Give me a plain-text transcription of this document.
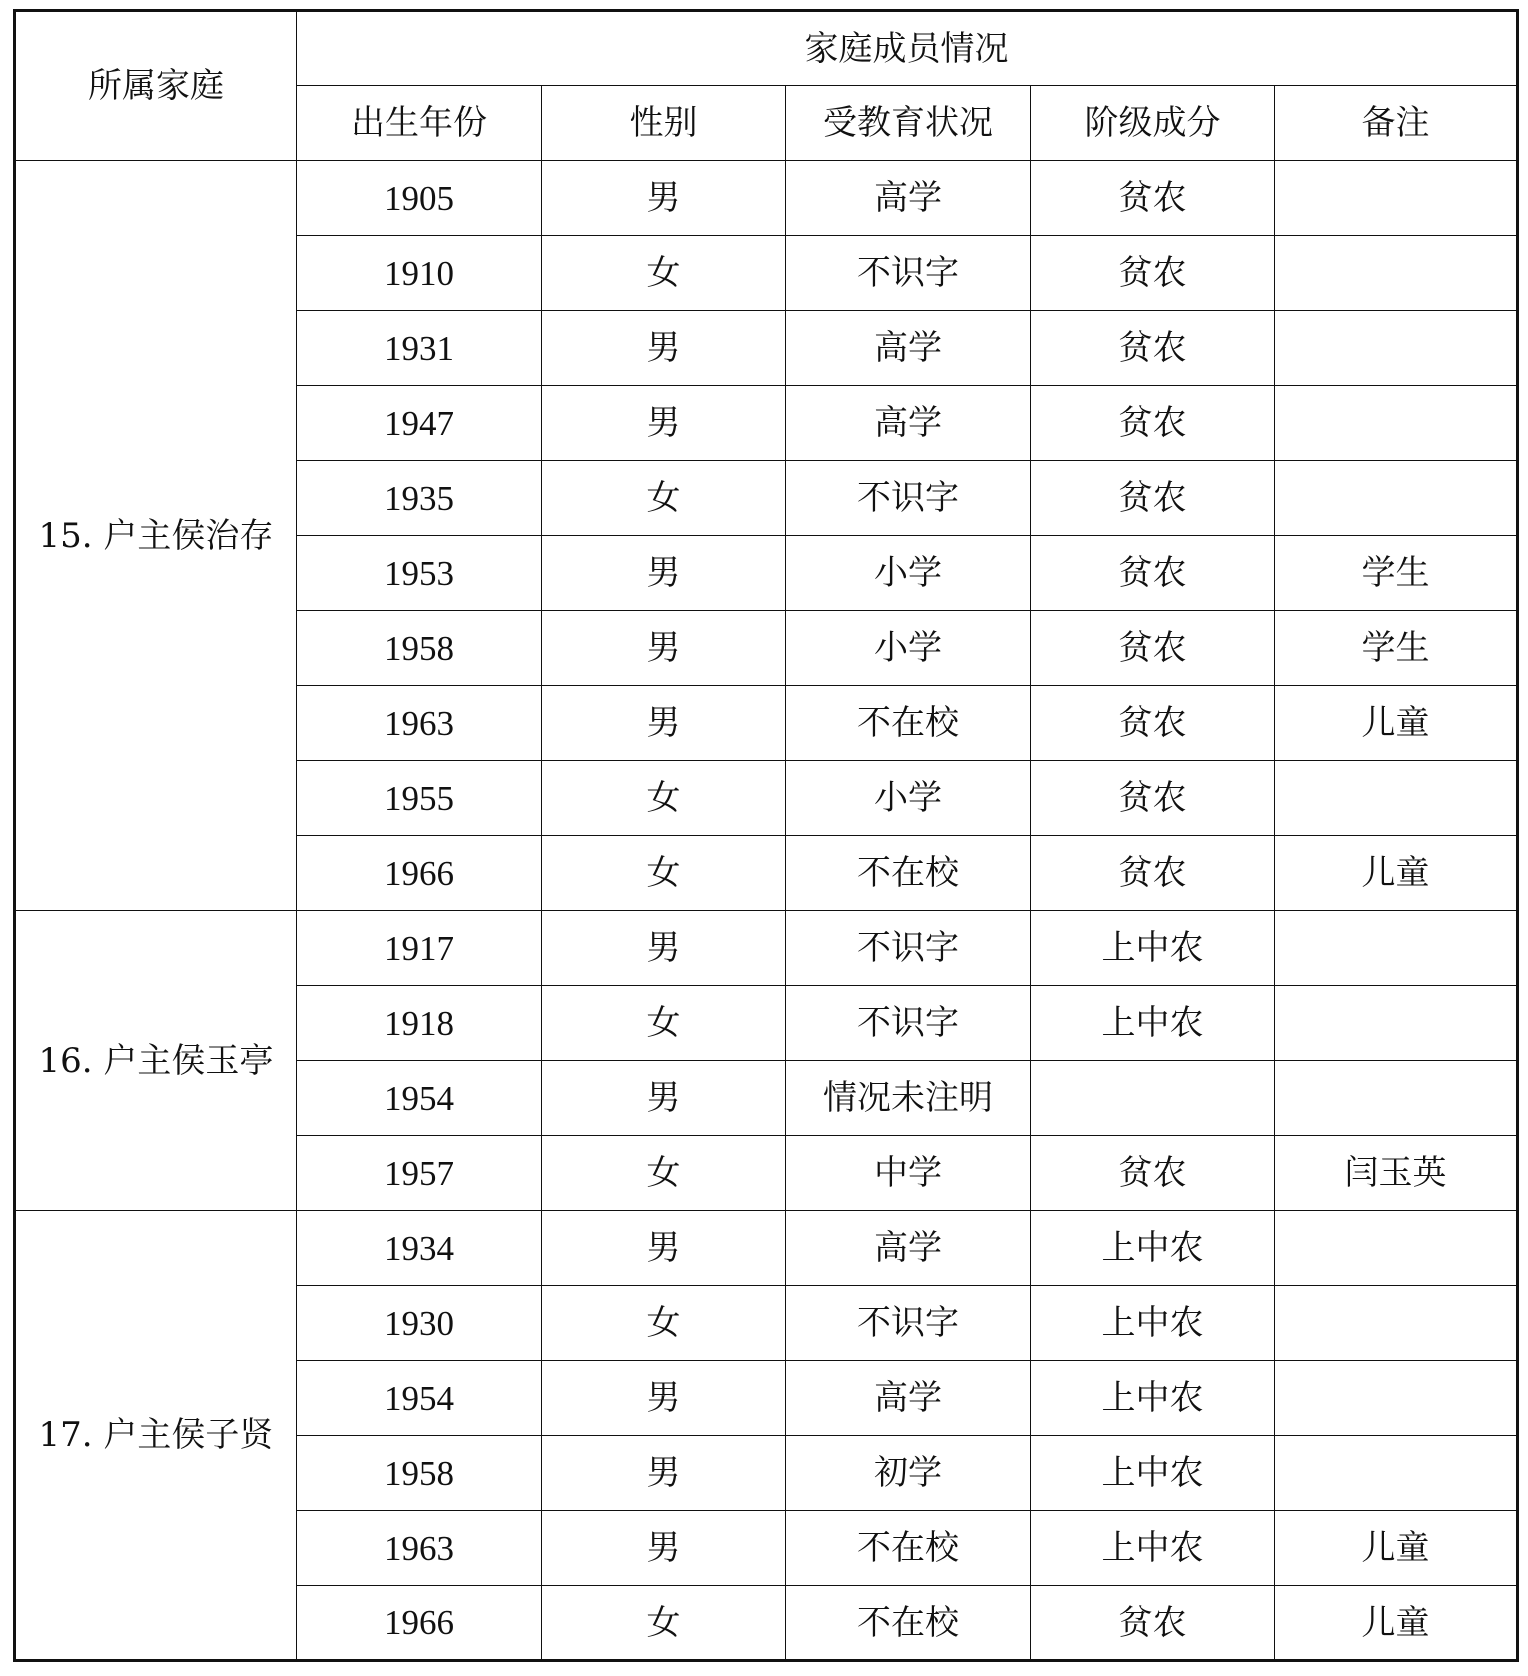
所属家庭	家庭成员情况				
	出生年份	性别	受教育状况	阶级成分	备注
15. 户主侯治存	1905	男	高学	贫农	
	1910	女	不识字	贫农	
	1931	男	高学	贫农	
	1947	男	高学	贫农	
	1935	女	不识字	贫农	
	1953	男	小学	贫农	学生
	1958	男	小学	贫农	学生
	1963	男	不在校	贫农	儿童
	1955	女	小学	贫农	
	1966	女	不在校	贫农	儿童
16. 户主侯玉亭	1917	男	不识字	上中农	
	1918	女	不识字	上中农	
	1954	男	情况未注明		
	1957	女	中学	贫农	闫玉英
17. 户主侯子贤	1934	男	高学	上中农	
	1930	女	不识字	上中农	
	1954	男	高学	上中农	
	1958	男	初学	上中农	
	1963	男	不在校	上中农	儿童
	1966	女	不在校	贫农	儿童
